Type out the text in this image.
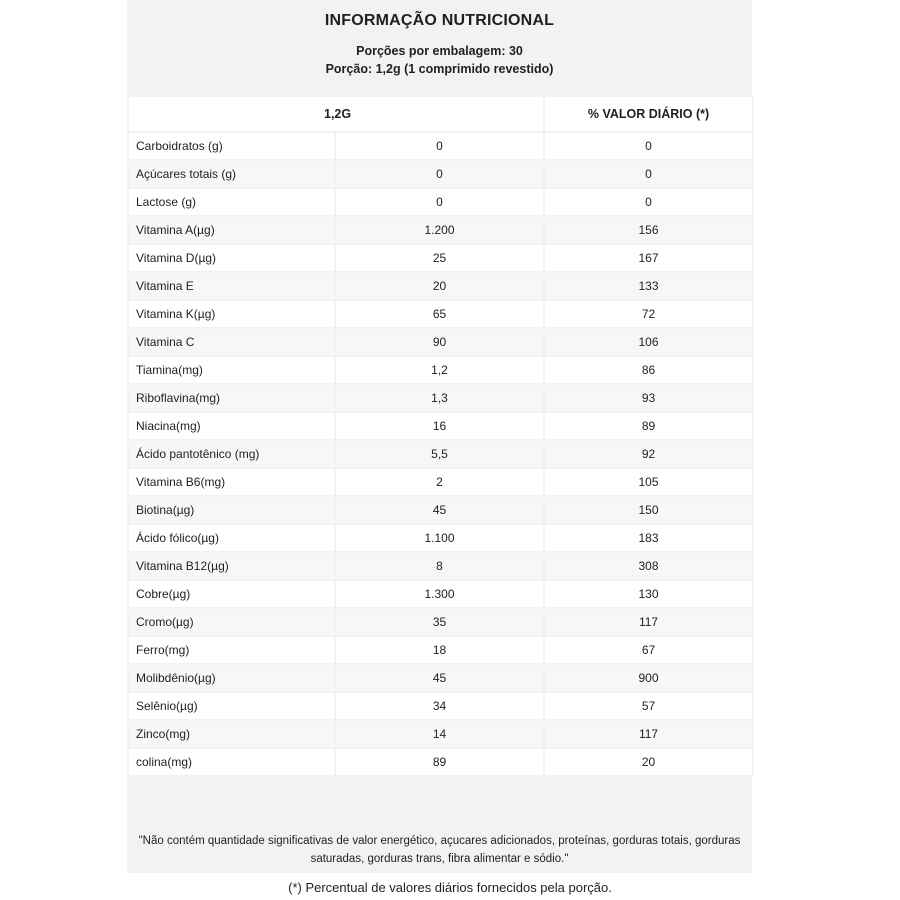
INFORMAÇÃO NUTRICIONAL
Porções por embalagem: 30
Porção: 1,2g (1 comprimido revestido)
1,2G		% VALOR DIÁRIO (*)
Carboidratos (g)	0	0
Açúcares totais (g)	0	0
Lactose (g)	0	0
Vitamina A(µg)	1.200	156
Vitamina D(µg)	25	167
Vitamina E	20	133
Vitamina K(µg)	65	72
Vitamina C	90	106
Tiamina(mg)	1,2	86
Riboflavina(mg)	1,3	93
Niacina(mg)	16	89
Ácido pantotênico (mg)	5,5	92
Vitamina B6(mg)	2	105
Biotina(µg)	45	150
Ácido fólico(µg)	1.100	183
Vitamina B12(µg)	8	308
Cobre(µg)	1.300	130
Cromo(µg)	35	117
Ferro(mg)	18	67
Molibdênio(µg)	45	900
Selênio(µg)	34	57
Zinco(mg)	14	117
colina(mg)	89	20
"Não contém quantidade significativas de valor energético, açucares adicionados, proteínas, gorduras totais, gorduras saturadas, gorduras trans, fibra alimentar e sódio."
(*) Percentual de valores diários fornecidos pela porção.
